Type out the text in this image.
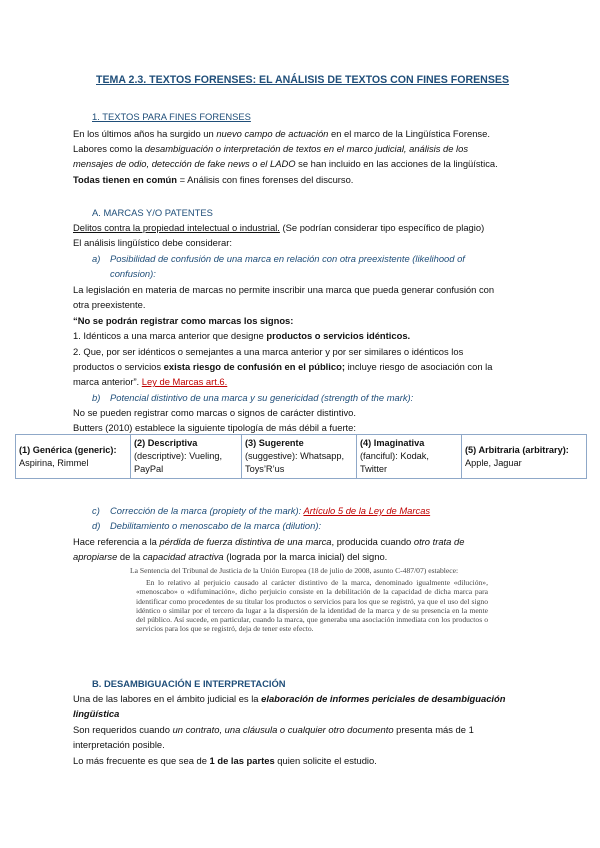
TEMA 2.3. TEXTOS FORENSES: EL ANÁLISIS DE TEXTOS CON FINES FORENSES
1. TEXTOS PARA FINES FORENSES
En los últimos años ha surgido un nuevo campo de actuación en el marco de la Lingüística Forense.
Labores como la desambiguación o interpretación de textos en el marco judicial, análisis de los
mensajes de odio, detección de fake news o el LADO se han incluido en las acciones de la lingüística.
Todas tienen en común = Análisis con fines forenses del discurso.
A. MARCAS Y/O PATENTES
Delitos contra la propiedad intelectual o industrial. (Se podrían considerar tipo específico de plagio)
El análisis lingüístico debe considerar:
a) Posibilidad de confusión de una marca en relación con otra preexistente (likelihood of
confusion):
La legislación en materia de marcas no permite inscribir una marca que pueda generar confusión con
otra preexistente.
“No se podrán registrar como marcas los signos:
1. Idénticos a una marca anterior que designe productos o servicios idénticos.
2. Que, por ser idénticos o semejantes a una marca anterior y por ser similares o idénticos los
productos o servicios exista riesgo de confusión en el público; incluye riesgo de asociación con la
marca anterior”. Ley de Marcas art.6.
b) Potencial distintivo de una marca y su genericidad (strength of the mark):
No se pueden registrar como marcas o signos de carácter distintivo.
Butters (2010) establece la siguiente tipología de más débil a fuerte:
(1) Genérica (generic):
Aspirina, Rimmel	(2) Descriptiva
(descriptive): Vueling, PayPal	(3) Sugerente
(suggestive): Whatsapp, Toys’R’us	(4) Imaginativa
(fanciful): Kodak, Twitter	(5) Arbitraria (arbitrary):
Apple, Jaguar
c) Corrección de la marca (propiety of the mark): Artículo 5 de la Ley de Marcas
d) Debilitamiento o menoscabo de la marca (dilution):
Hace referencia a la pérdida de fuerza distintiva de una marca, producida cuando otro trata de
apropiarse de la capacidad atractiva (lograda por la marca inicial) del signo.

La Sentencia del Tribunal de Justicia de la Unión Europea (18 de julio de 2008, asunto C-487/07) establece:

En lo relativo al perjuicio causado al carácter distintivo de la marca, denominado igualmente «dilución», «menoscabo» o «difuminación», dicho perjuicio consiste en la debilitación de la capacidad de dicha marca para identificar como procedentes de su titular los productos o servicios para los que se registró, ya que el uso del signo idéntico o similar por el tercero da lugar a la dispersión de la identidad de la marca y de su presencia en la mente del público. Así sucede, en particular, cuando la marca, que generaba una asociación inmediata con los productos o servicios para los que se registró, deja de tener este efecto.

B. DESAMBIGUACIÓN E INTERPRETACIÓN
Una de las labores en el ámbito judicial es la elaboración de informes periciales de desambiguación
lingüística
Son requeridos cuando un contrato, una cláusula o cualquier otro documento presenta más de 1
interpretación posible.
Lo más frecuente es que sea de 1 de las partes quien solicite el estudio.
